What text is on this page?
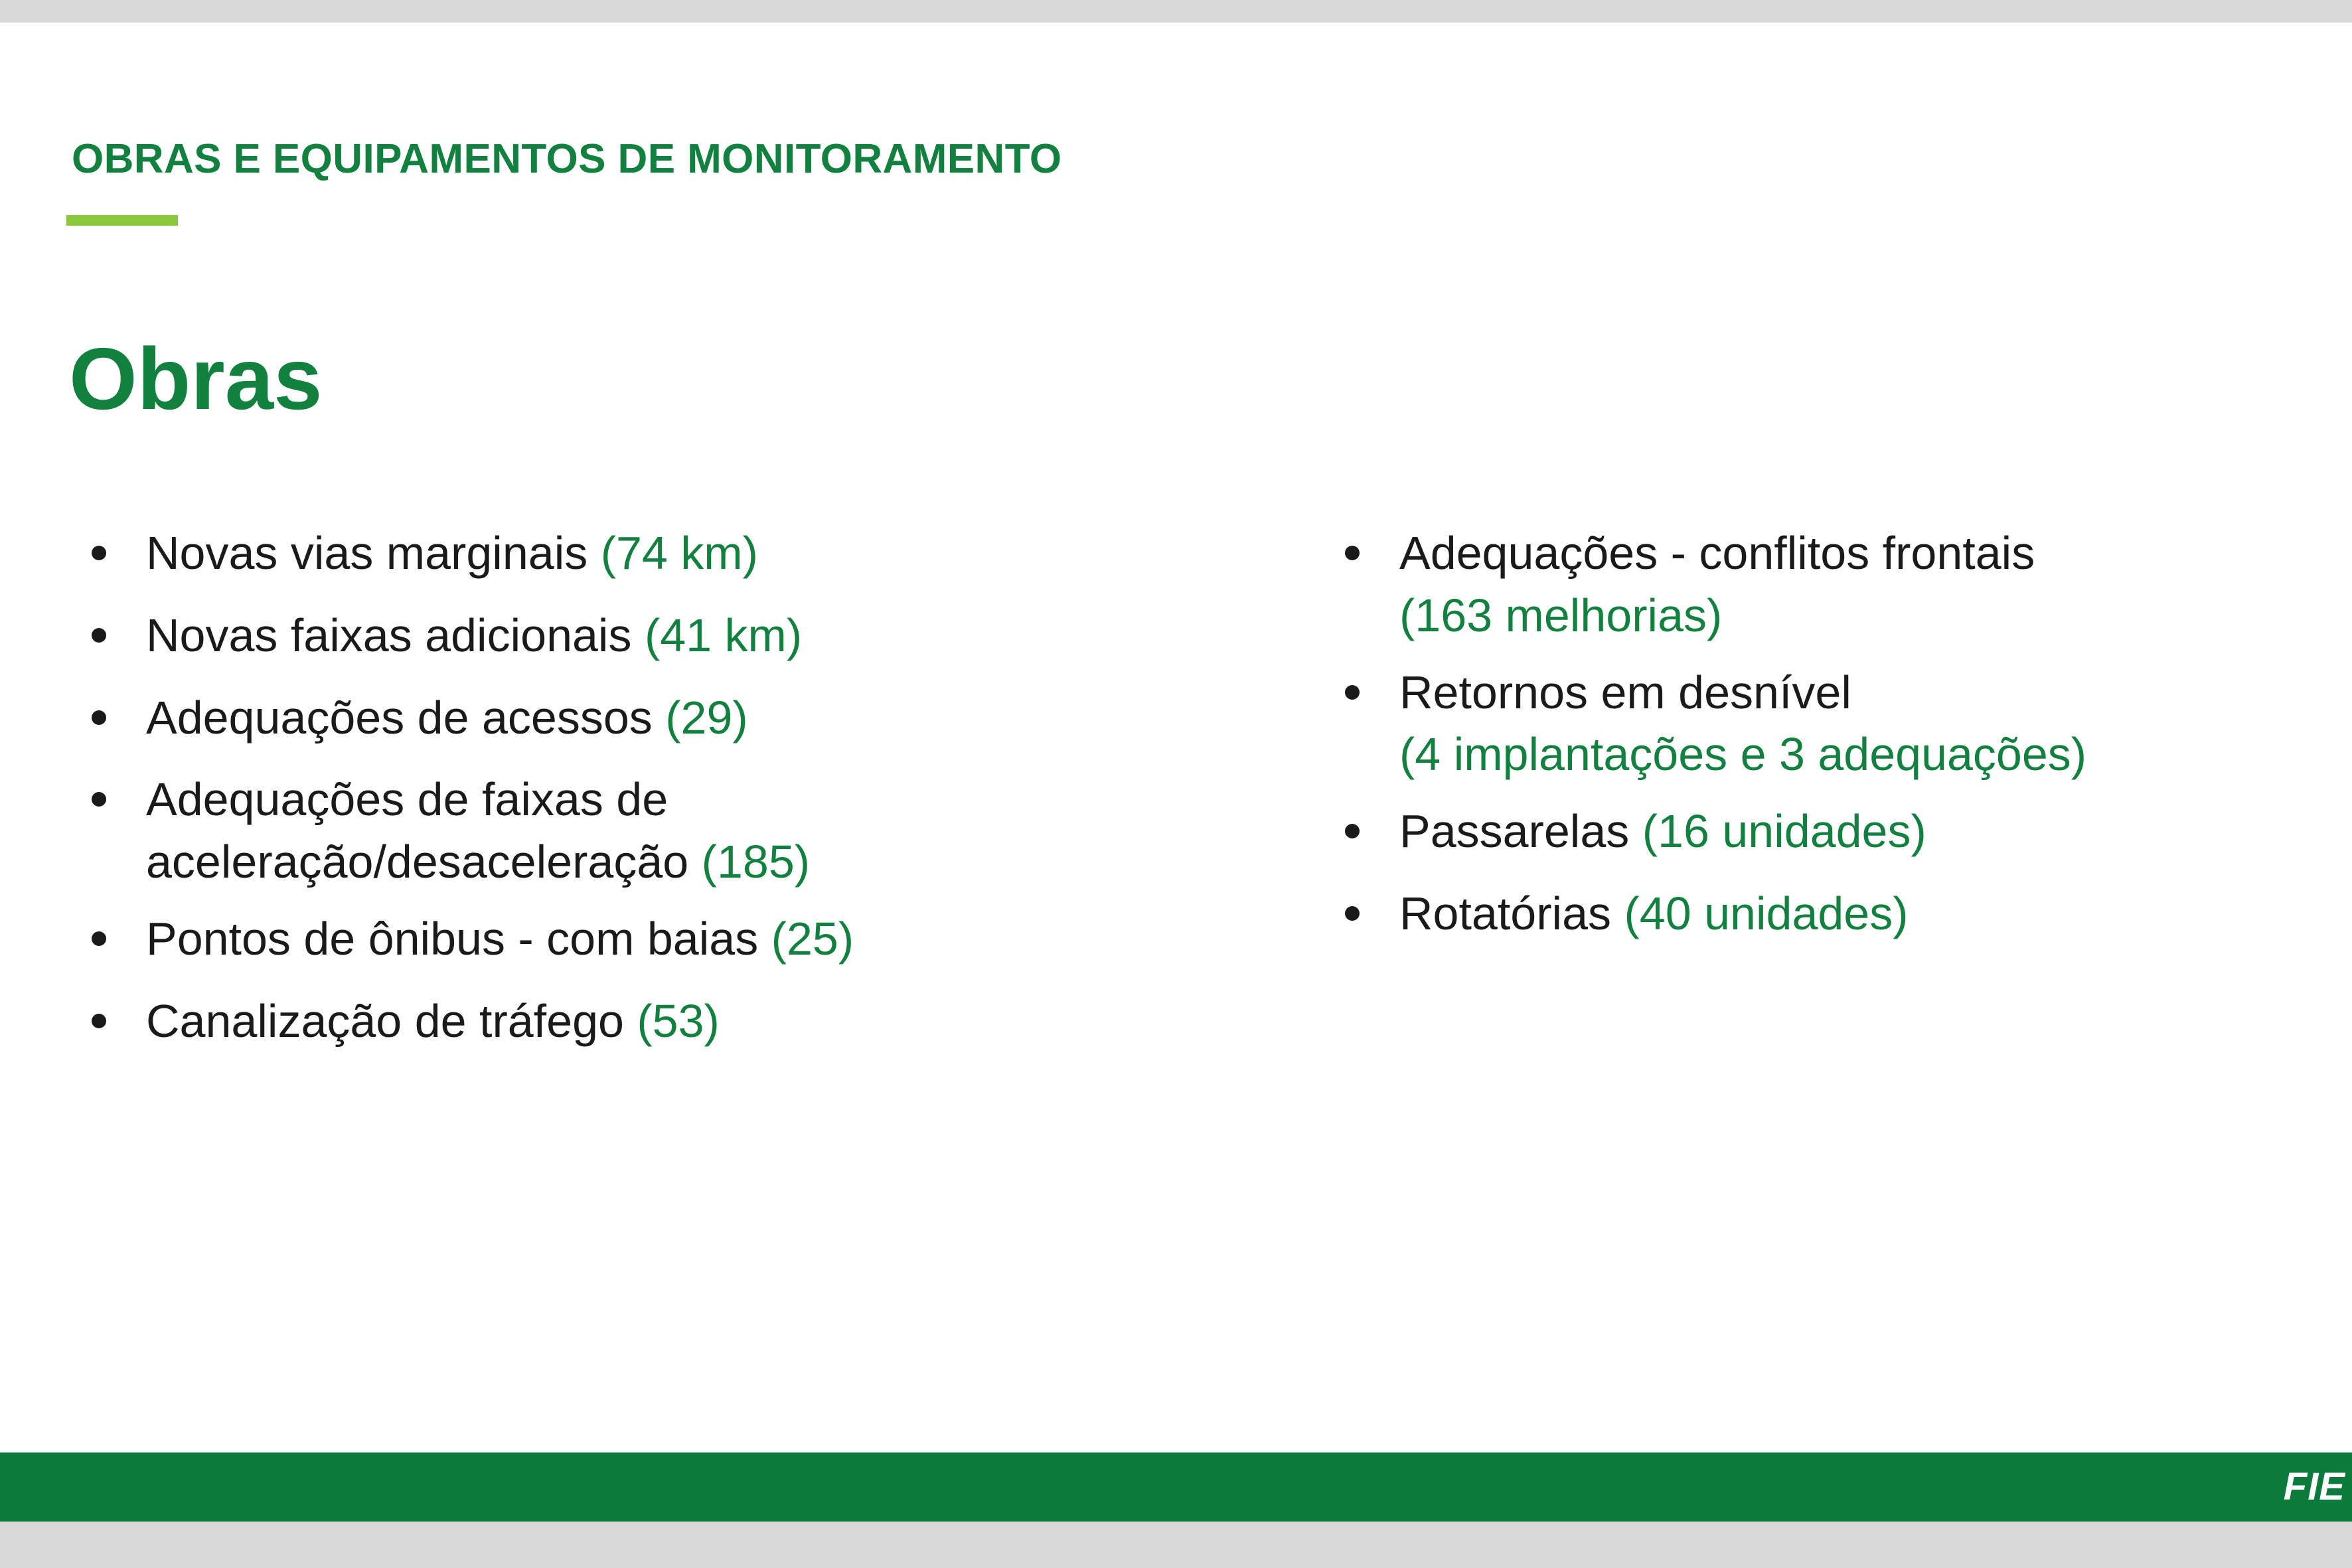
OBRAS E EQUIPAMENTOS DE MONITORAMENTO
Obras
Novas vias marginais (74 km)
Novas faixas adicionais (41 km)
Adequações de acessos (29)
Adequações de faixas de
aceleração/desaceleração (185)
Pontos de ônibus - com baias (25)
Canalização de tráfego (53)
Adequações - conflitos frontais
(163 melhorias)
Retornos em desnível
(4 implantações e 3 adequações)
Passarelas (16 unidades)
Rotatórias (40 unidades)
FIE
